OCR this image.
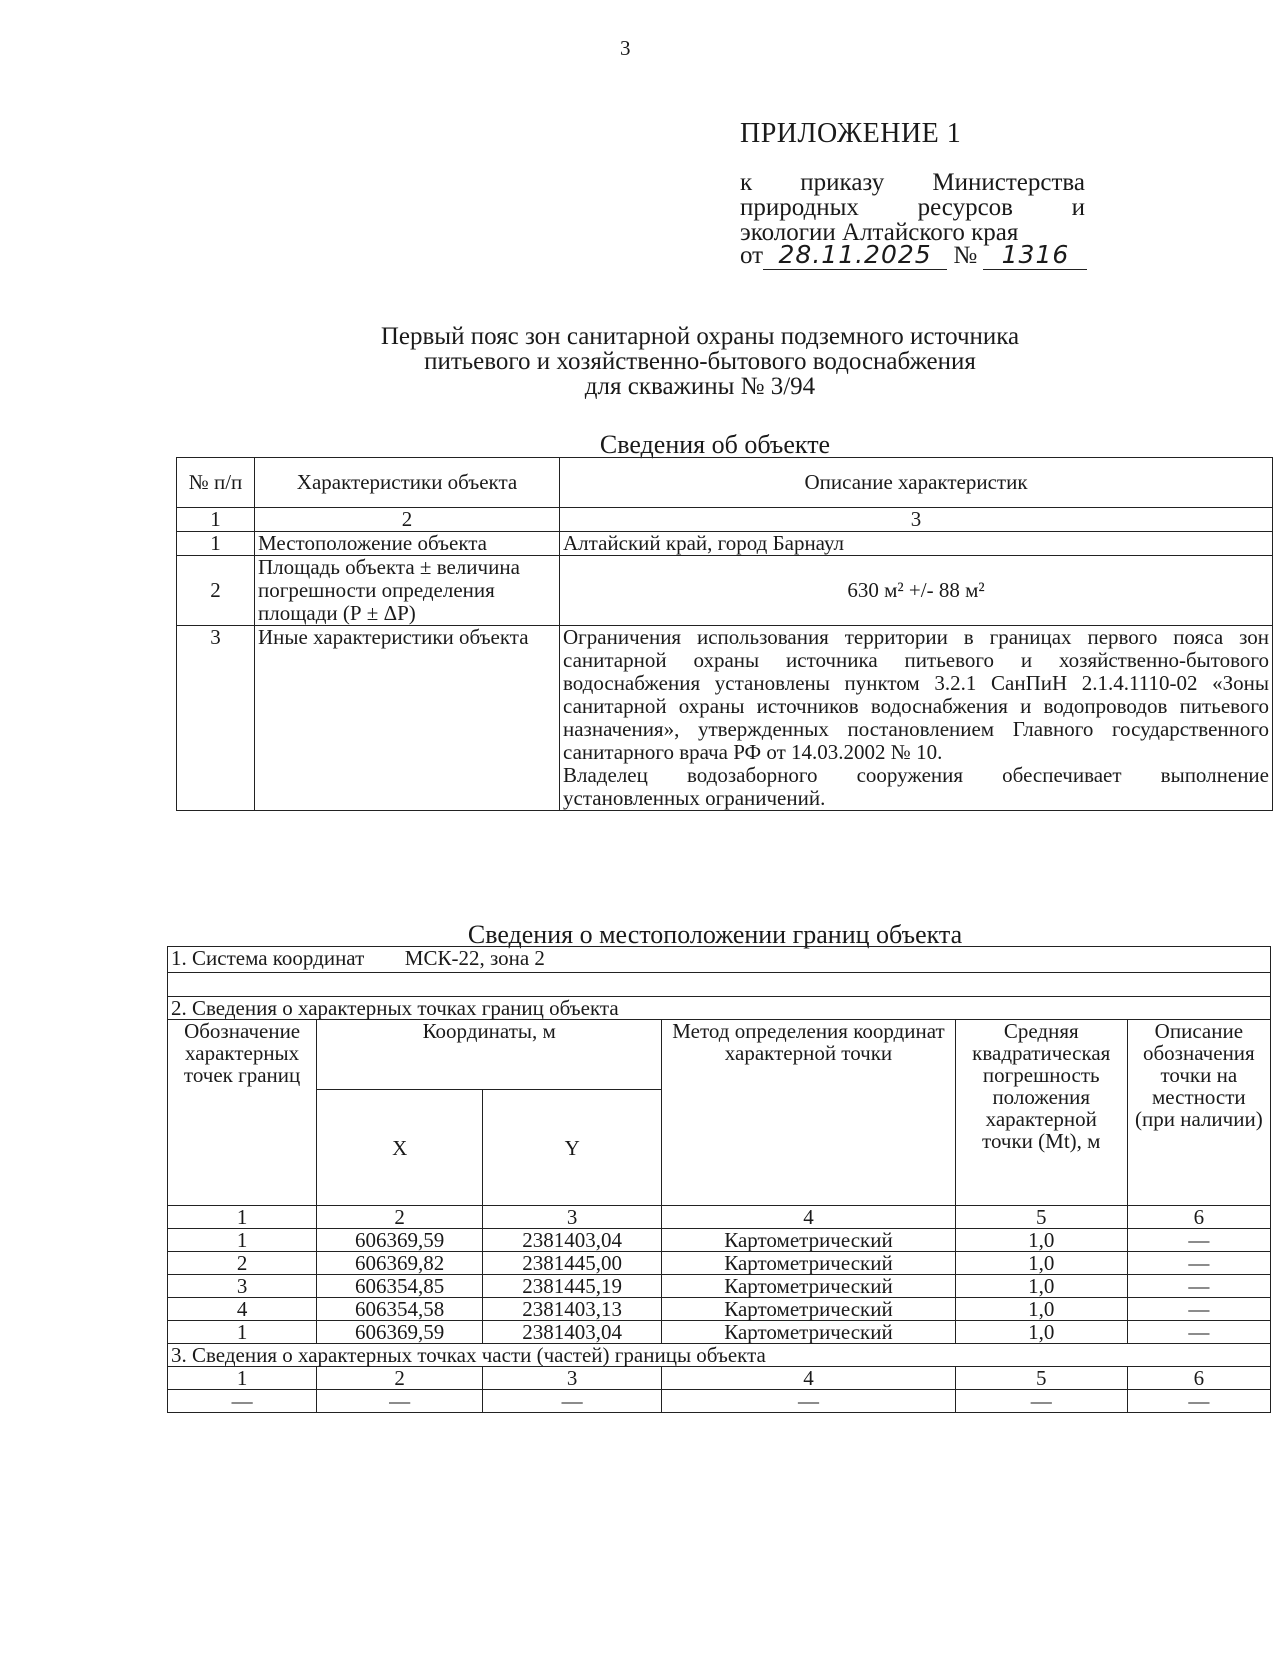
3
ПРИЛОЖЕНИЕ 1
к приказу Министерства
природных ресурсов и
экологии Алтайского края
от 28.11.2025 № 1316
Первый пояс зон санитарной охраны подземного источника
питьевого и хозяйственно-бытового водоснабжения
для скважины № 3/94
Сведения об объекте
№ п/п	Характеристики объекта	Описание характеристик
1	2	3
1	Местоположение объекта	Алтайский край, город Барнаул
2	Площадь объекта ± величина погрешности определения площади (Р ± ΔР)	630 м² +/- 88 м²
3	Иные характеристики объекта	Ограничения использования территории в границах первого пояса зон санитарной охраны источника питьевого и хозяйственно-бытового водоснабжения установлены пунктом 3.2.1 СанПиН 2.1.4.1110-02 «Зоны санитарной охраны источников водоснабжения и водопроводов питьевого назначения», утвержденных постановлением Главного государственного санитарного врача РФ от 14.03.2002 № 10.
Владелец водозаборного сооружения обеспечивает выполнение установленных ограничений.
Сведения о местоположении границ объекта
1. Система координат МСК-22, зона 2					

2. Сведения о характерных точках границ объекта					
Обозначение характерных точек границ	Координаты, м		Метод определения координат характерной точки	Средняя квадратическая погрешность положения характерной точки (Mt), м	Описание обозначения точки на местности (при наличии)
	X	Y			
1	2	3	4	5	6
1	606369,59	2381403,04	Картометрический	1,0	—
2	606369,82	2381445,00	Картометрический	1,0	—
3	606354,85	2381445,19	Картометрический	1,0	—
4	606354,58	2381403,13	Картометрический	1,0	—
1	606369,59	2381403,04	Картометрический	1,0	—
3. Сведения о характерных точках части (частей) границы объекта					
1	2	3	4	5	6
—	—	—	—	—	—
